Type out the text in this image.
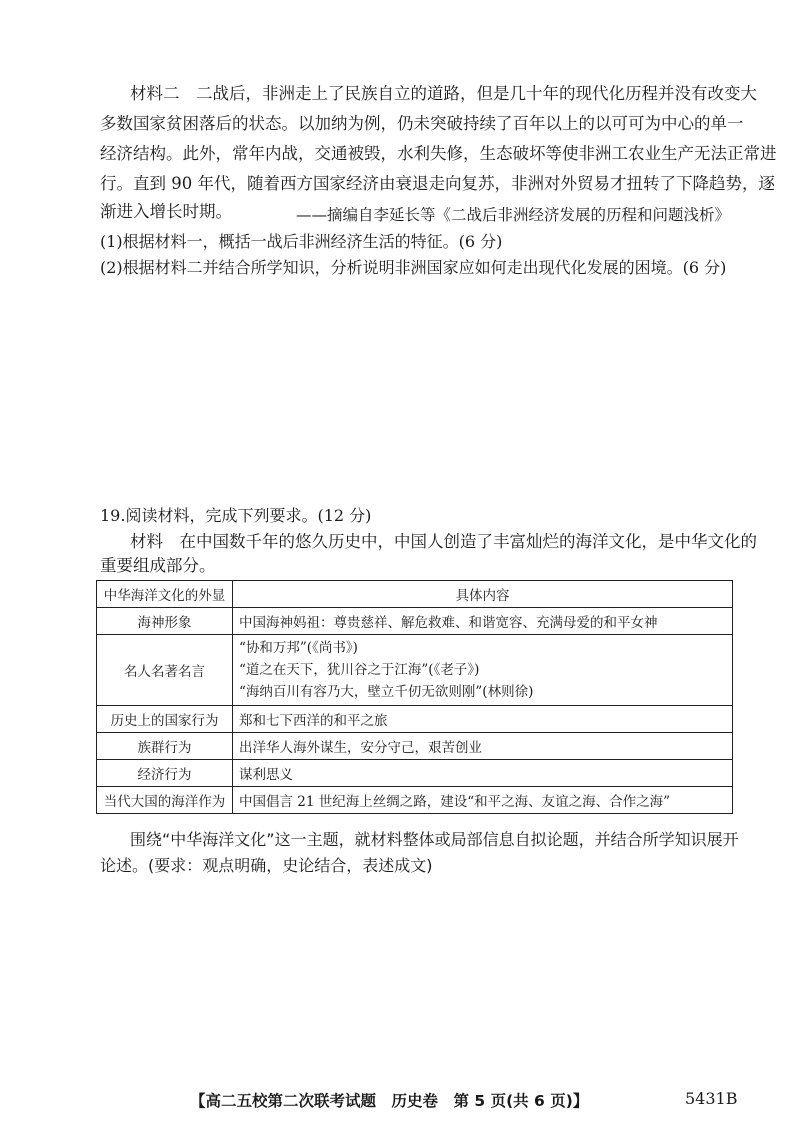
材料二　二战后，非洲走上了民族自立的道路，但是几十年的现代化历程并没有改变大
多数国家贫困落后的状态。以加纳为例，仍未突破持续了百年以上的以可可为中心的单一
经济结构。此外，常年内战，交通被毁，水利失修，生态破坏等使非洲工农业生产无法正常进
行。直到 90 年代，随着西方国家经济由衰退走向复苏，非洲对外贸易才扭转了下降趋势，逐
渐进入增长时期。	——摘编自李延长等《二战后非洲经济发展的历程和问题浅析》
(1)根据材料一，概括一战后非洲经济生活的特征。(6 分)
(2)根据材料二并结合所学知识，分析说明非洲国家应如何走出现代化发展的困境。(6 分)
19.阅读材料，完成下列要求。(12 分)
材料　在中国数千年的悠久历史中，中国人创造了丰富灿烂的海洋文化，是中华文化的
重要组成部分。
中华海洋文化的外显	具体内容
海神形象	中国海神妈祖：尊贵慈祥、解危救难、和谐宽容、充满母爱的和平女神
名人名著名言	“协和万邦”(《尚书》)
“道之在天下，犹川谷之于江海”(《老子》)
“海纳百川有容乃大，壁立千仞无欲则刚”(林则徐)

历史上的国家行为	郑和七下西洋的和平之旅
族群行为	出洋华人海外谋生，安分守己，艰苦创业
经济行为	谋利思义
当代大国的海洋作为	中国倡言 21 世纪海上丝绸之路，建设“和平之海、友谊之海、合作之海”
围绕“中华海洋文化”这一主题，就材料整体或局部信息自拟论题，并结合所学知识展开
论述。(要求：观点明确，史论结合，表述成文)
【高二五校第二次联考试题　历史卷　第 5 页(共 6 页)】	5431B
